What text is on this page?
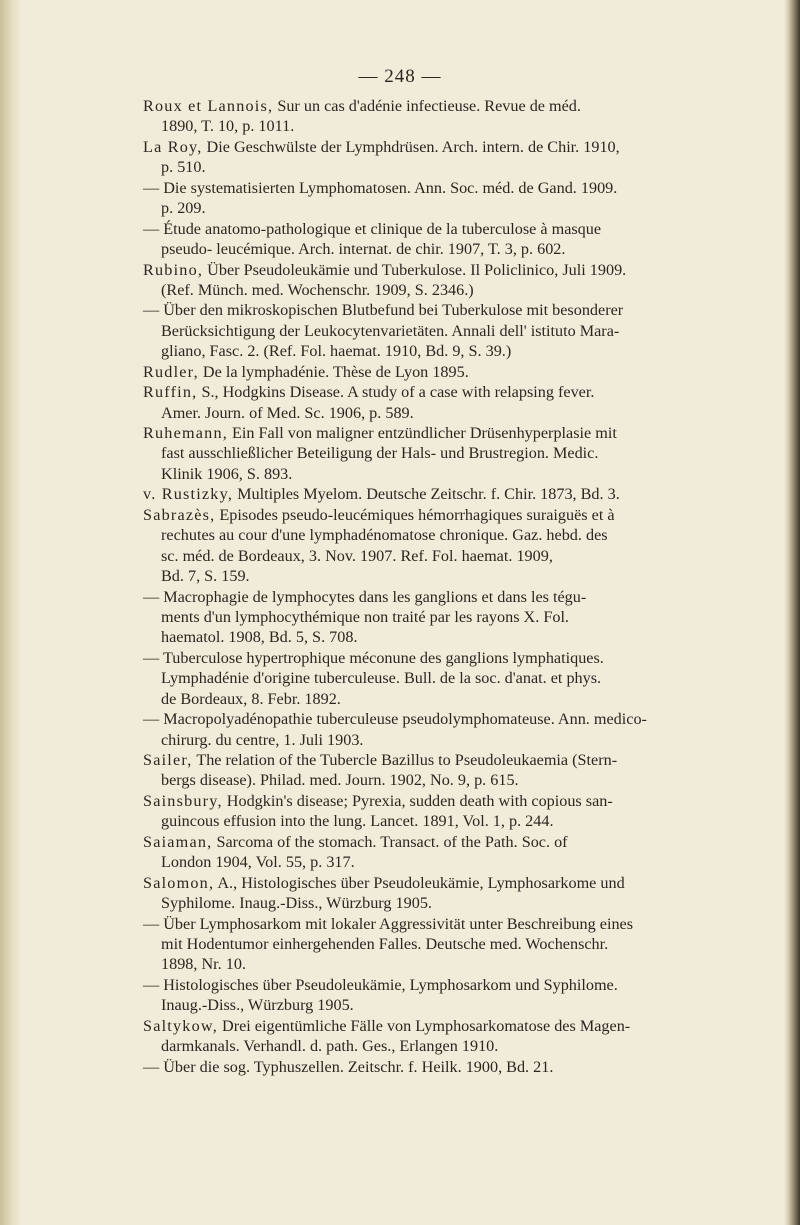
— 248 —
Roux et Lannois, Sur un cas d'adénie infectieuse. Revue de méd.
1890, T. 10, p. 1011.
La Roy, Die Geschwülste der Lymphdrüsen. Arch. intern. de Chir. 1910,
p. 510.
— Die systematisierten Lymphomatosen. Ann. Soc. méd. de Gand. 1909.
p. 209.
— Étude anatomo-pathologique et clinique de la tuberculose à masque
pseudo- leucémique. Arch. internat. de chir. 1907, T. 3, p. 602.
Rubino, Über Pseudoleukämie und Tuberkulose. Il Policlinico, Juli 1909.
(Ref. Münch. med. Wochenschr. 1909, S. 2346.)
— Über den mikroskopischen Blutbefund bei Tuberkulose mit besonderer
Berücksichtigung der Leukocytenvarietäten. Annali dell' istituto Mara-
gliano, Fasc. 2. (Ref. Fol. haemat. 1910, Bd. 9, S. 39.)
Rudler, De la lymphadénie. Thèse de Lyon 1895.
Ruffin, S., Hodgkins Disease. A study of a case with relapsing fever.
Amer. Journ. of Med. Sc. 1906, p. 589.
Ruhemann, Ein Fall von maligner entzündlicher Drüsenhyperplasie mit
fast ausschließlicher Beteiligung der Hals- und Brustregion. Medic.
Klinik 1906, S. 893.
v. Rustizky, Multiples Myelom. Deutsche Zeitschr. f. Chir. 1873, Bd. 3.
Sabrazès, Episodes pseudo-leucémiques hémorrhagiques suraiguës et à
rechutes au cour d'une lymphadénomatose chronique. Gaz. hebd. des
sc. méd. de Bordeaux, 3. Nov. 1907. Ref. Fol. haemat. 1909,
Bd. 7, S. 159.
— Macrophagie de lymphocytes dans les ganglions et dans les tégu-
ments d'un lymphocythémique non traité par les rayons X. Fol.
haematol. 1908, Bd. 5, S. 708.
— Tuberculose hypertrophique méconune des ganglions lymphatiques.
Lymphadénie d'origine tuberculeuse. Bull. de la soc. d'anat. et phys.
de Bordeaux, 8. Febr. 1892.
— Macropolyadénopathie tuberculeuse pseudolymphomateuse. Ann. medico-
chirurg. du centre, 1. Juli 1903.
Sailer, The relation of the Tubercle Bazillus to Pseudoleukaemia (Stern-
bergs disease). Philad. med. Journ. 1902, No. 9, p. 615.
Sainsbury, Hodgkin's disease; Pyrexia, sudden death with copious san-
guincous effusion into the lung. Lancet. 1891, Vol. 1, p. 244.
Saiaman, Sarcoma of the stomach. Transact. of the Path. Soc. of
London 1904, Vol. 55, p. 317.
Salomon, A., Histologisches über Pseudoleukämie, Lymphosarkome und
Syphilome. Inaug.-Diss., Würzburg 1905.
— Über Lymphosarkom mit lokaler Aggressivität unter Beschreibung eines
mit Hodentumor einhergehenden Falles. Deutsche med. Wochenschr.
1898, Nr. 10.
— Histologisches über Pseudoleukämie, Lymphosarkom und Syphilome.
Inaug.-Diss., Würzburg 1905.
Saltykow, Drei eigentümliche Fälle von Lymphosarkomatose des Magen-
darmkanals. Verhandl. d. path. Ges., Erlangen 1910.
— Über die sog. Typhuszellen. Zeitschr. f. Heilk. 1900, Bd. 21.
